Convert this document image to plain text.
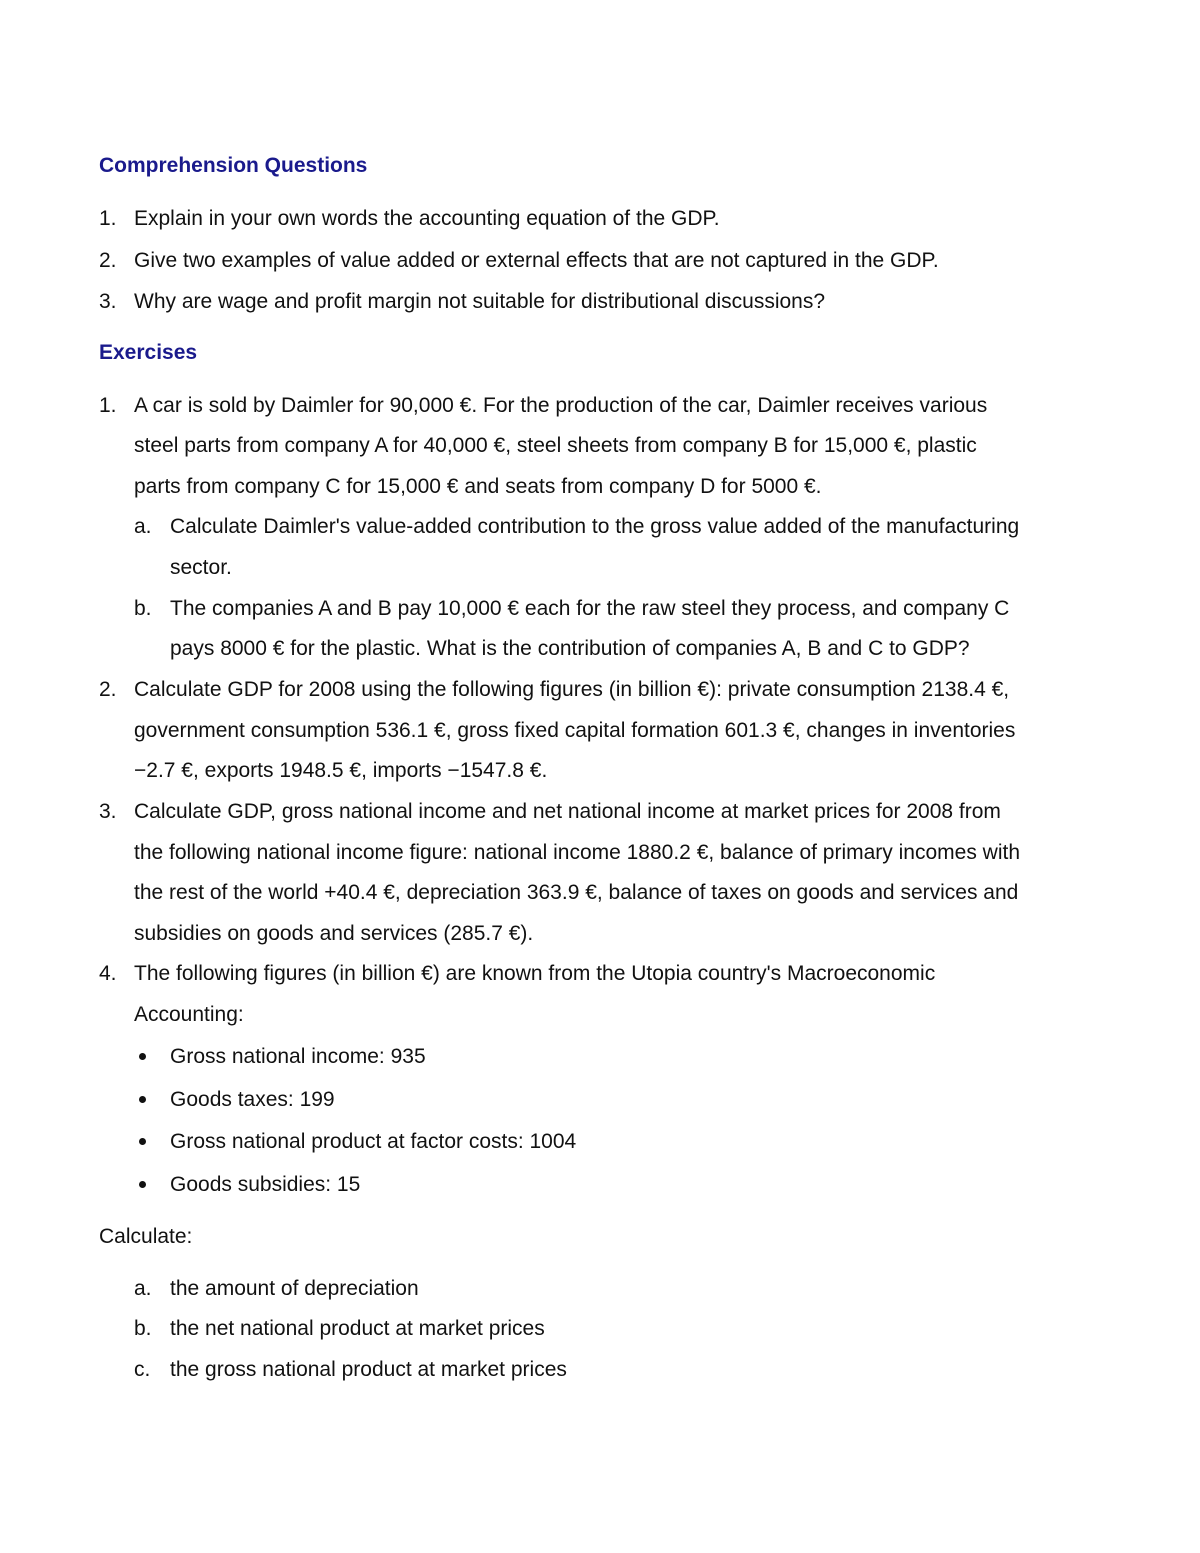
Comprehension Questions
1. Explain in your own words the accounting equation of the GDP.

2. Give two examples of value added or external effects that are not captured in the GDP.

3. Why are wage and profit margin not suitable for distributional discussions?

Exercises
1. A car is sold by Daimler for 90,000 €. For the production of the car, Daimler receives various

steel parts from company A for 40,000 €, steel sheets from company B for 15,000 €, plastic

parts from company C for 15,000 € and seats from company D for 5000 €.

a. Calculate Daimler's value-added contribution to the gross value added of the manufacturing

sector.

b. The companies A and B pay 10,000 € each for the raw steel they process, and company C

pays 8000 € for the plastic. What is the contribution of companies A, B and C to GDP?

2. Calculate GDP for 2008 using the following figures (in billion €): private consumption 2138.4 €,

government consumption 536.1 €, gross fixed capital formation 601.3 €, changes in inventories

−2.7 €, exports 1948.5 €, imports −1547.8 €.

3. Calculate GDP, gross national income and net national income at market prices for 2008 from

the following national income figure: national income 1880.2 €, balance of primary incomes with

the rest of the world +40.4 €, depreciation 363.9 €, balance of taxes on goods and services and

subsidies on goods and services (285.7 €).

4. The following figures (in billion €) are known from the Utopia country's Macroeconomic

Accounting:

Gross national income: 935

Goods taxes: 199

Gross national product at factor costs: 1004

Goods subsidies: 15

Calculate:

a. the amount of depreciation

b. the net national product at market prices

c. the gross national product at market prices
